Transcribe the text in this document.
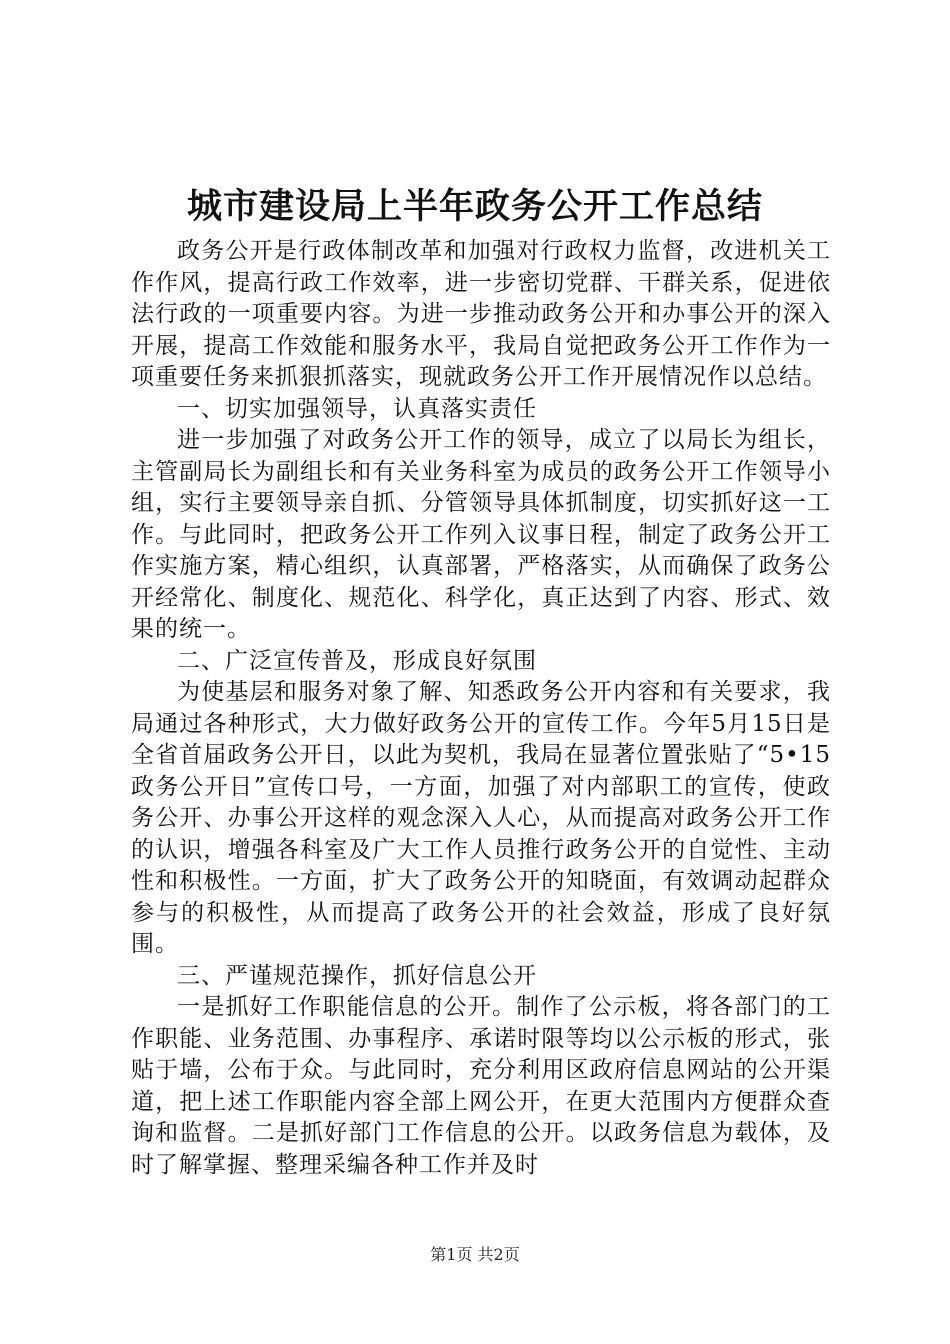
城市建设局上半年政务公开工作总结

政务公开是行政体制改革和加强对行政权力监督，改进机关工作作风，提高行政工作效率，进一步密切党群、干群关系，促进依法行政的一项重要内容。为进一步推动政务公开和办事公开的深入开展，提高工作效能和服务水平，我局自觉把政务公开工作作为一项重要任务来抓狠抓落实，现就政务公开工作开展情况作以总结。

一、切实加强领导，认真落实责任

进一步加强了对政务公开工作的领导，成立了以局长为组长，主管副局长为副组长和有关业务科室为成员的政务公开工作领导小组，实行主要领导亲自抓、分管领导具体抓制度，切实抓好这一工作。与此同时，把政务公开工作列入议事日程，制定了政务公开工作实施方案，精心组织，认真部署，严格落实，从而确保了政务公开经常化、制度化、规范化、科学化，真正达到了内容、形式、效果的统一。

二、广泛宣传普及，形成良好氛围

为使基层和服务对象了解、知悉政务公开内容和有关要求，我局通过各种形式，大力做好政务公开的宣传工作。今年5月15日是全省首届政务公开日，以此为契机，我局在显著位置张贴了“5•15政务公开日”宣传口号，一方面，加强了对内部职工的宣传，使政务公开、办事公开这样的观念深入人心，从而提高对政务公开工作的认识，增强各科室及广大工作人员推行政务公开的自觉性、主动性和积极性。一方面，扩大了政务公开的知晓面，有效调动起群众参与的积极性，从而提高了政务公开的社会效益，形成了良好氛围。

三、严谨规范操作，抓好信息公开

一是抓好工作职能信息的公开。制作了公示板，将各部门的工作职能、业务范围、办事程序、承诺时限等均以公示板的形式，张贴于墙，公布于众。与此同时，充分利用区政府信息网站的公开渠道，把上述工作职能内容全部上网公开，在更大范围内方便群众查询和监督。二是抓好部门工作信息的公开。以政务信息为载体，及时了解掌握、整理采编各种工作并及时

第1页 共2页
